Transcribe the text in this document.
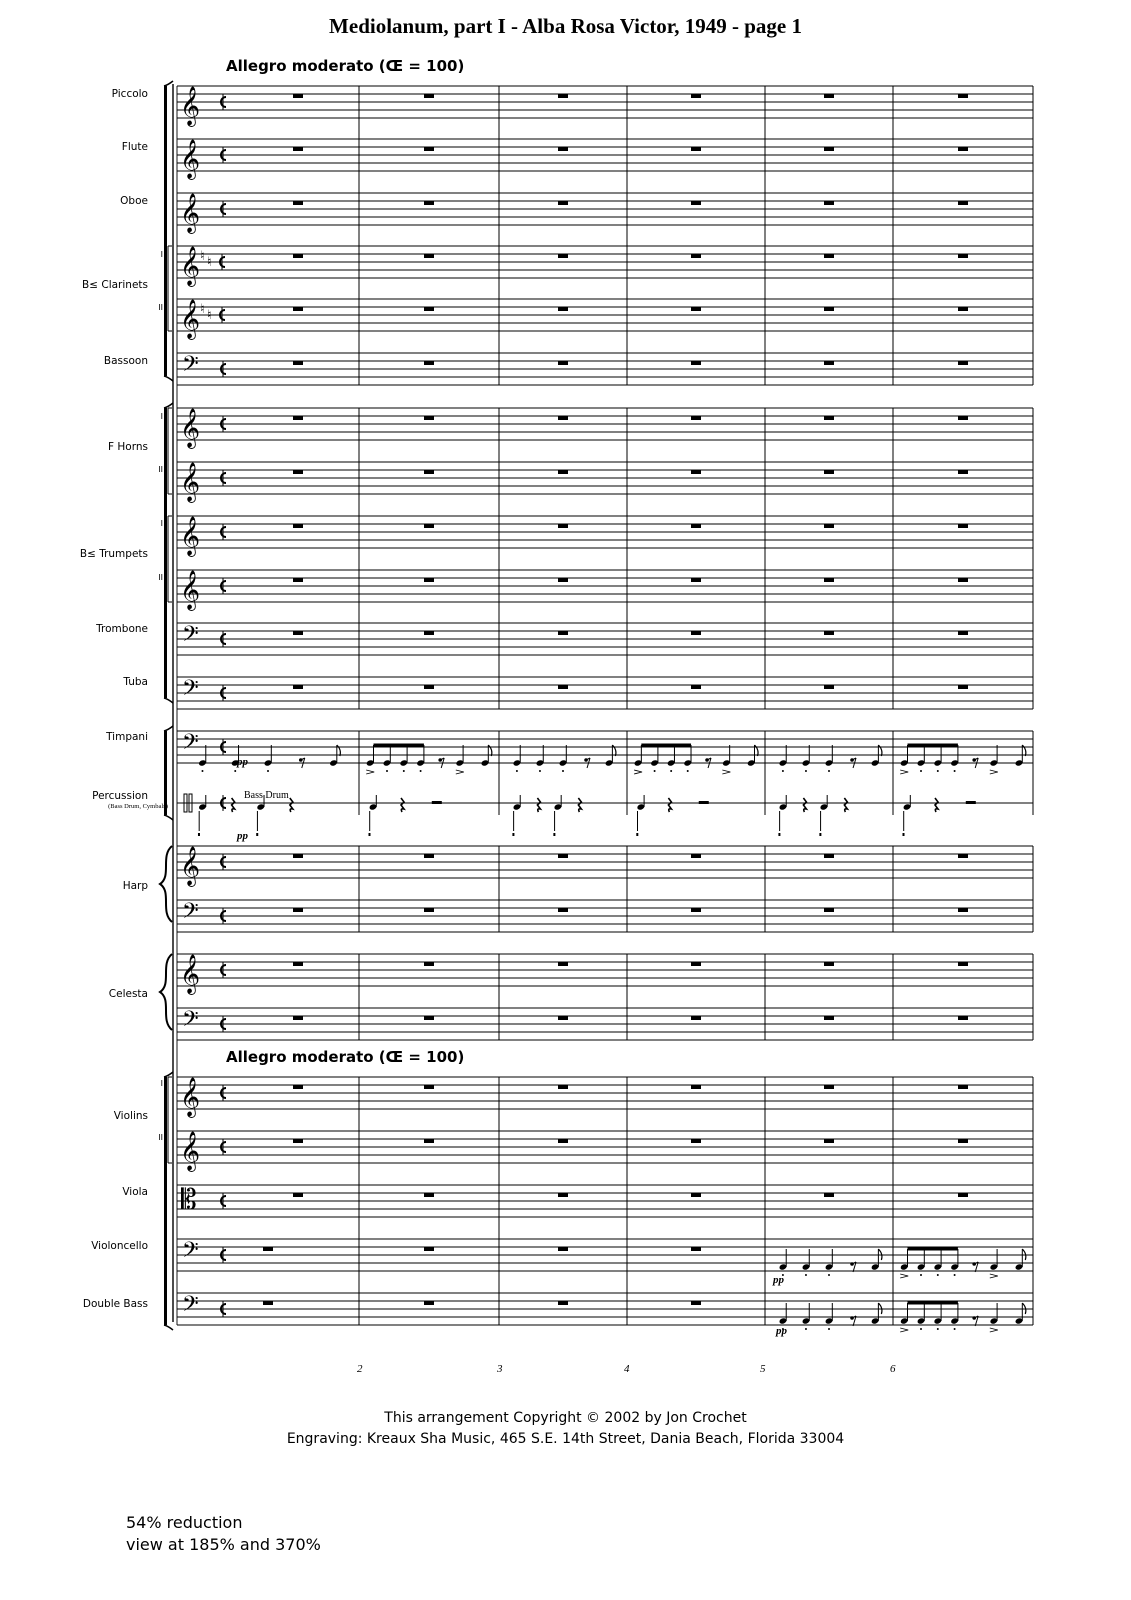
𝄞
𝄞
𝄞
𝄞 ♮ ♮
𝄞 ♮ ♮
𝄢
𝄞
𝄞
𝄞
𝄞
𝄢
𝄢
𝄢
𝄞
𝄢
𝄞
𝄢
𝄞
𝄞
𝄡
𝄢
𝄢
Mediolanum, part I - Alba Rosa Victor, 1949 - page 1
Allegro moderato (Œ = 100)
Allegro moderato (Œ = 100)
Piccolo
Flute
Oboe
B≤ Clarinets
I
II
Bassoon
F Horns
I
II
B≤ Trumpets
I
II
Trombone
Tuba
Timpani
Percussion
(Bass Drum, Cymbals)
Harp
Celesta
Violins
I
II
Viola
Violoncello
Double Bass
Bass Drum
pp
pp
pp
pp
2	3	4	5	6
This arrangement Copyright © 2002 by Jon Crochet
Engraving: Kreaux Sha Music, 465 S.E. 14th Street, Dania Beach, Florida 33004
54% reduction
view at 185% and 370%
